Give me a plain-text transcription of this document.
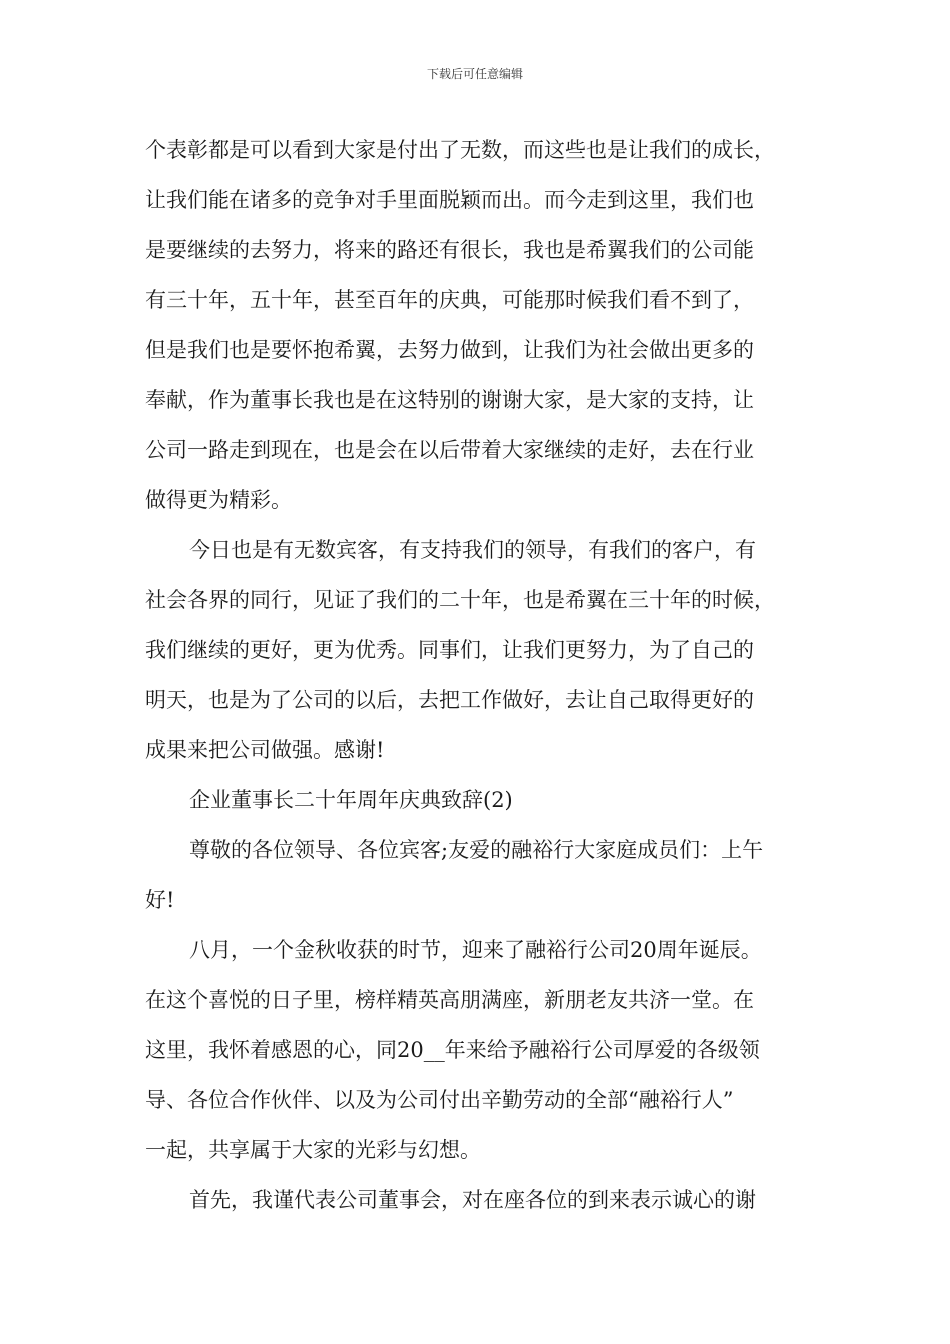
下载后可任意编辑
个表彰都是可以看到大家是付出了无数，而这些也是让我们的成长，
让我们能在诸多的竞争对手里面脱颖而出。而今走到这里，我们也
是要继续的去努力，将来的路还有很长，我也是希翼我们的公司能
有三十年，五十年，甚至百年的庆典，可能那时候我们看不到了，
但是我们也是要怀抱希翼，去努力做到，让我们为社会做出更多的
奉献，作为董事长我也是在这特别的谢谢大家，是大家的支持，让
公司一路走到现在，也是会在以后带着大家继续的走好，去在行业
做得更为精彩。
今日也是有无数宾客，有支持我们的领导，有我们的客户，有
社会各界的同行，见证了我们的二十年，也是希翼在三十年的时候，
我们继续的更好，更为优秀。同事们，让我们更努力，为了自己的
明天，也是为了公司的以后，去把工作做好，去让自己取得更好的
成果来把公司做强。感谢!
企业董事长二十年周年庆典致辞(2)
尊敬的各位领导、各位宾客;友爱的融裕行大家庭成员们：上午
好!
八月，一个金秋收获的时节，迎来了融裕行公司20周年诞辰。
在这个喜悦的日子里，榜样精英高朋满座，新朋老友共济一堂。在
这里，我怀着感恩的心，同20__年来给予融裕行公司厚爱的各级领
导、各位合作伙伴、以及为公司付出辛勤劳动的全部“融裕行人”
一起，共享属于大家的光彩与幻想。
首先，我谨代表公司董事会，对在座各位的到来表示诚心的谢
